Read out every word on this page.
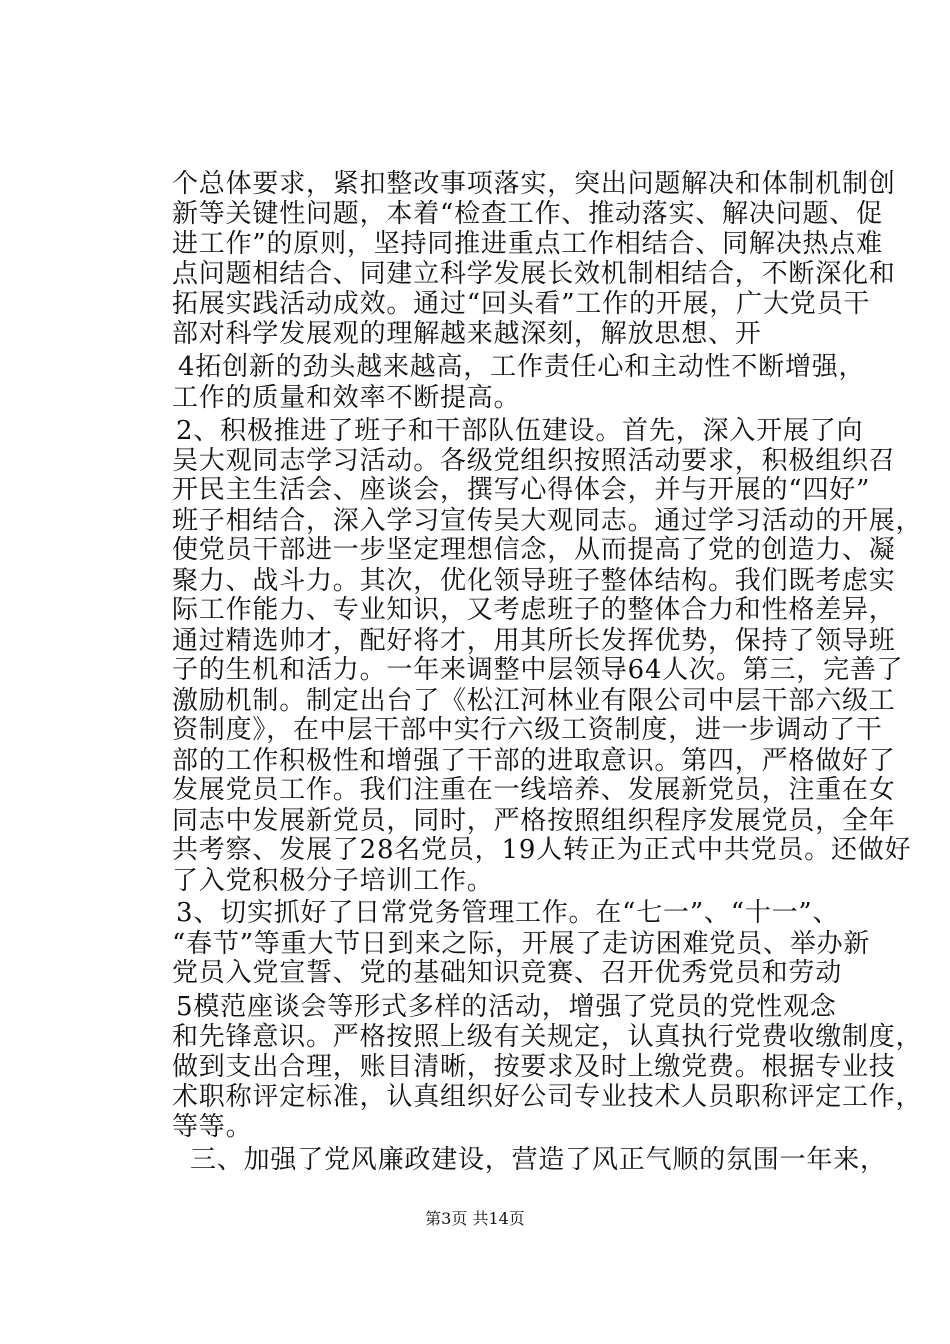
个总体要求，紧扣整改事项落实，突出问题解决和体制机制创
新等关键性问题，本着“检查工作、推动落实、解决问题、促
进工作”的原则，坚持同推进重点工作相结合、同解决热点难
点问题相结合、同建立科学发展长效机制相结合，不断深化和
拓展实践活动成效。通过“回头看”工作的开展，广大党员干
部对科学发展观的理解越来越深刻，解放思想、开
4拓创新的劲头越来越高，工作责任心和主动性不断增强，
工作的质量和效率不断提高。
2、积极推进了班子和干部队伍建设。首先，深入开展了向
吴大观同志学习活动。各级党组织按照活动要求，积极组织召
开民主生活会、座谈会，撰写心得体会，并与开展的“四好”
班子相结合，深入学习宣传吴大观同志。通过学习活动的开展，
使党员干部进一步坚定理想信念，从而提高了党的创造力、凝
聚力、战斗力。其次，优化领导班子整体结构。我们既考虑实
际工作能力、专业知识，又考虑班子的整体合力和性格差异，
通过精选帅才，配好将才，用其所长发挥优势，保持了领导班
子的生机和活力。一年来调整中层领导64人次。第三，完善了
激励机制。制定出台了《松江河林业有限公司中层干部六级工
资制度》，在中层干部中实行六级工资制度，进一步调动了干
部的工作积极性和增强了干部的进取意识。第四，严格做好了
发展党员工作。我们注重在一线培养、发展新党员，注重在女
同志中发展新党员，同时，严格按照组织程序发展党员，全年
共考察、发展了28名党员，19人转正为正式中共党员。还做好
了入党积极分子培训工作。
3、切实抓好了日常党务管理工作。在“七一”、“十一”、
“春节”等重大节日到来之际，开展了走访困难党员、举办新
党员入党宣誓、党的基础知识竞赛、召开优秀党员和劳动
5模范座谈会等形式多样的活动，增强了党员的党性观念
和先锋意识。严格按照上级有关规定，认真执行党费收缴制度，
做到支出合理，账目清晰，按要求及时上缴党费。根据专业技
术职称评定标准，认真组织好公司专业技术人员职称评定工作，
等等。
三、加强了党风廉政建设，营造了风正气顺的氛围一年来，
第3页 共14页
